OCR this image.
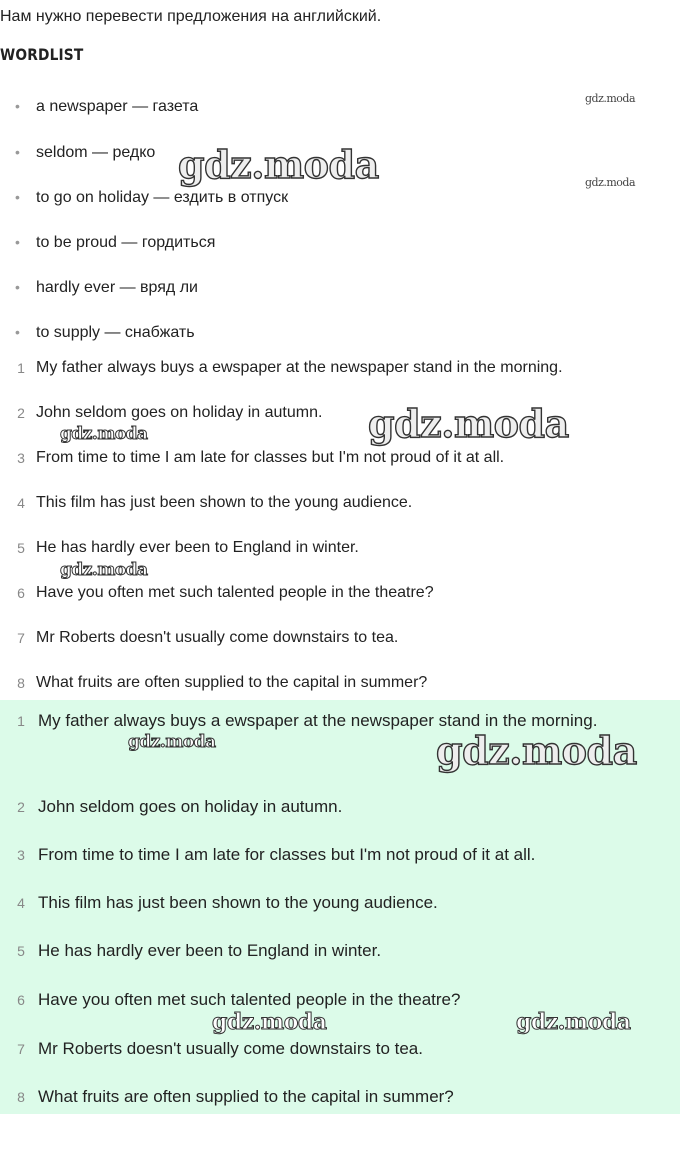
Нам нужно перевести предложения на английский.
WORDLIST
• a newspaper — газета
• seldom — редко
• to go on holiday — ездить в отпуск
• to be proud — гордиться
• hardly ever — вряд ли
• to supply — снабжать
1 My father always buys a ewspaper at the newspaper stand in the morning.
2 John seldom goes on holiday in autumn.
3 From time to time I am late for classes but I'm not proud of it at all.
4 This film has just been shown to the young audience.
5 He has hardly ever been to England in winter.
6 Have you often met such talented people in the theatre?
7 Mr Roberts doesn't usually come downstairs to tea.
8 What fruits are often supplied to the capital in summer?
1 My father always buys a ewspaper at the newspaper stand in the morning.
2 John seldom goes on holiday in autumn.
3 From time to time I am late for classes but I'm not proud of it at all.
4 This film has just been shown to the young audience.
5 He has hardly ever been to England in winter.
6 Have you often met such talented people in the theatre?
7 Mr Roberts doesn't usually come downstairs to tea.
8 What fruits are often supplied to the capital in summer?
gdz.moda
gdz.moda	gdz.moda
gdz.moda
gdz.moda
gdz.moda
gdz.moda	gdz.moda
gdz.moda	gdz.moda
